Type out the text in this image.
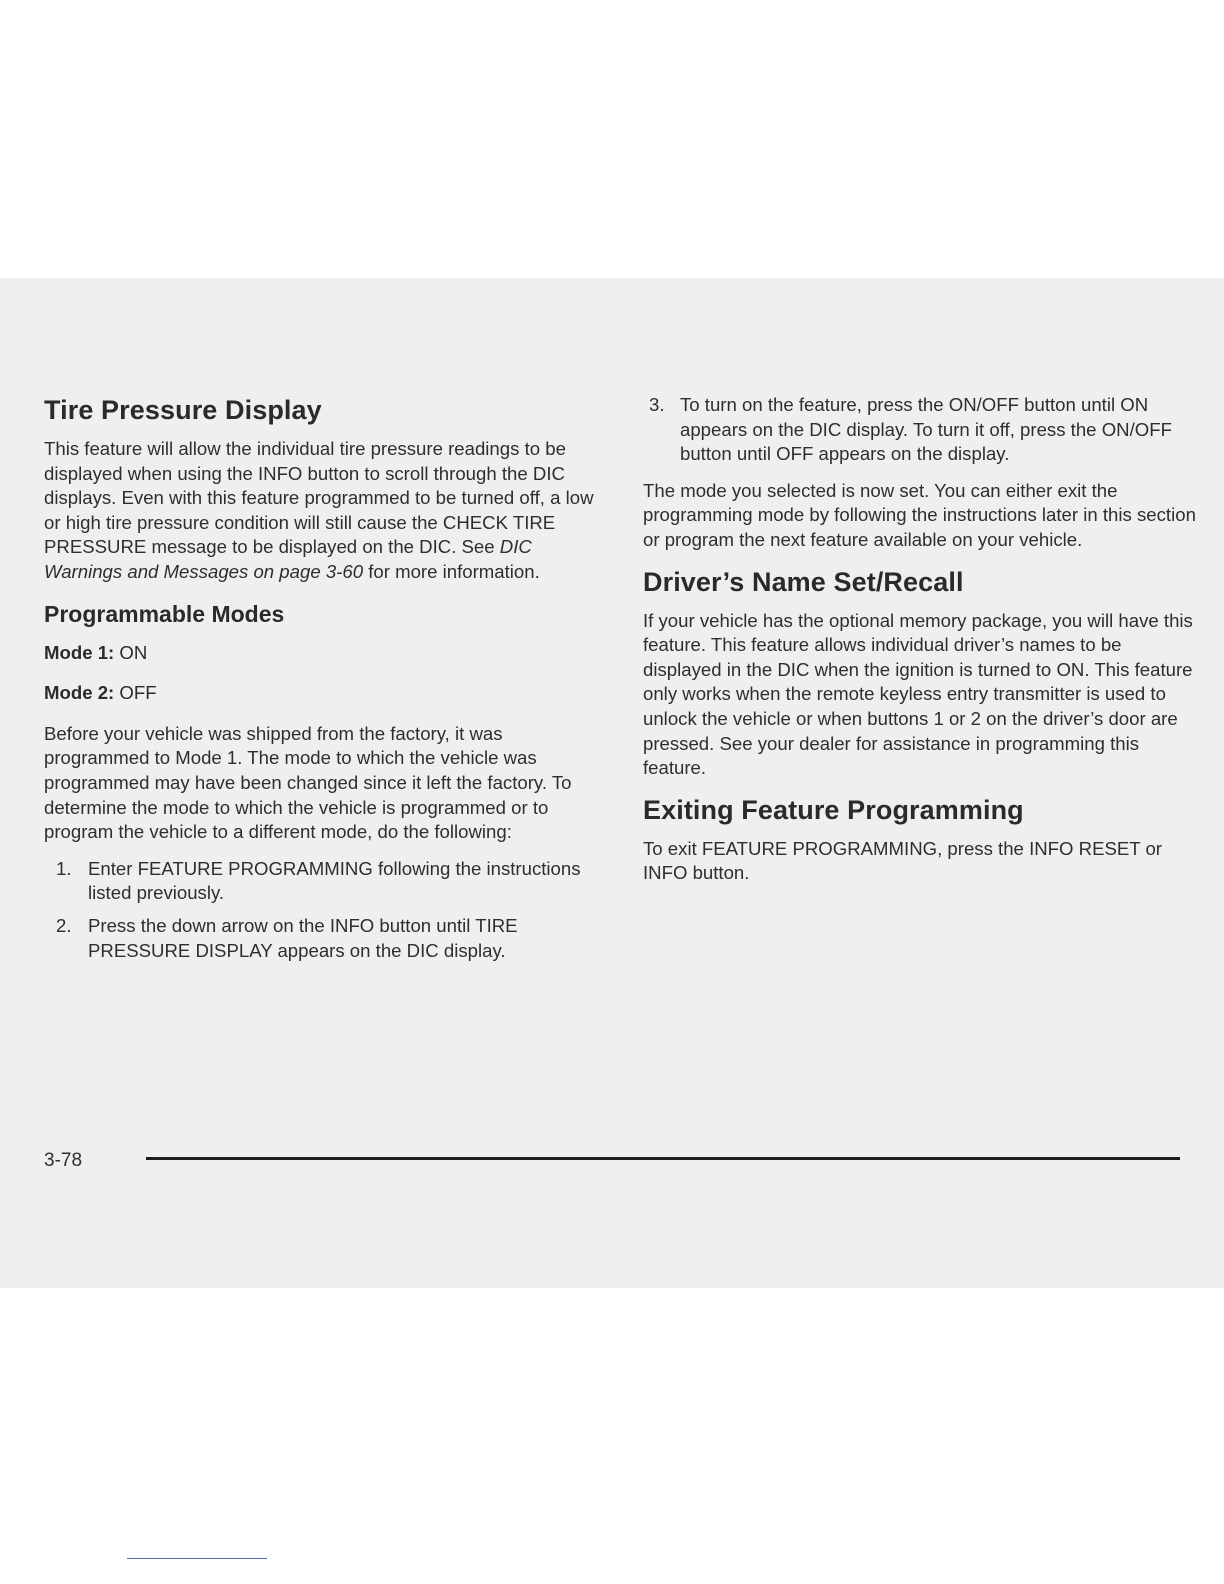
Tire Pressure Display

This feature will allow the individual tire pressure readings to be displayed when using the INFO button to scroll through the DIC displays. Even with this feature programmed to be turned off, a low or high tire pressure condition will still cause the CHECK TIRE PRESSURE message to be displayed on the DIC. See DIC Warnings and Messages on page 3-60 for more information.

Programmable Modes

Mode 1: ON

Mode 2: OFF

Before your vehicle was shipped from the factory, it was programmed to Mode 1. The mode to which the vehicle was programmed may have been changed since it left the factory. To determine the mode to which the vehicle is programmed or to program the vehicle to a different mode, do the following:

1. Enter FEATURE PROGRAMMING following the instructions listed previously.
2. Press the down arrow on the INFO button until TIRE PRESSURE DISPLAY appears on the DIC display.
3. To turn on the feature, press the ON/OFF button until ON appears on the DIC display. To turn it off, press the ON/OFF button until OFF appears on the display.

The mode you selected is now set. You can either exit the programming mode by following the instructions later in this section or program the next feature available on your vehicle.

Driver’s Name Set/Recall

If your vehicle has the optional memory package, you will have this feature. This feature allows individual driver’s names to be displayed in the DIC when the ignition is turned to ON. This feature only works when the remote keyless entry transmitter is used to unlock the vehicle or when buttons 1 or 2 on the driver’s door are pressed. See your dealer for assistance in programming this feature.

Exiting Feature Programming

To exit FEATURE PROGRAMMING, press the INFO RESET or INFO button.

3-78
